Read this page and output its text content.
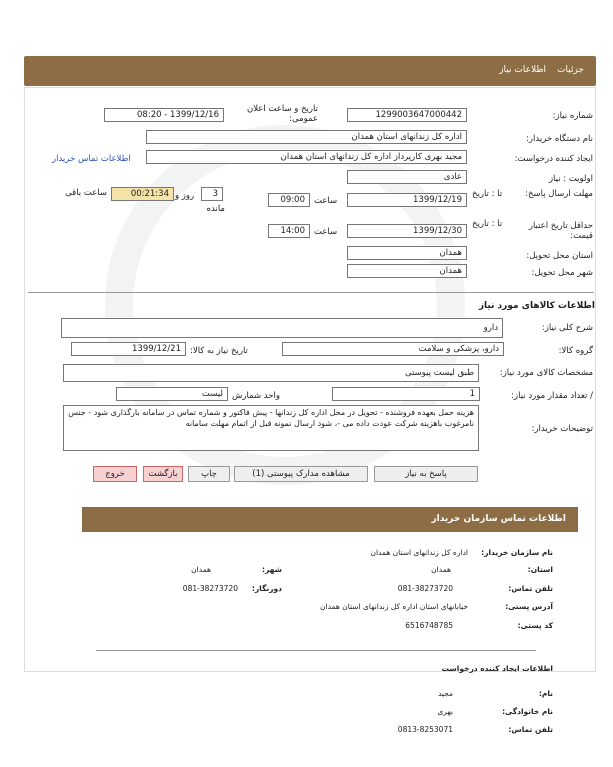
جزئیات
اطلاعات نیاز
شماره نیاز:
1299003647000442
تاریخ و ساعت اعلان عمومی:
1399/12/16 - 08:20
نام دستگاه خریدار:
اداره کل زندانهای استان همدان
ایجاد کننده درخواست:
مجید بهری کارپرداز اداره کل زندانهای استان همدان
اطلاعات تماس خریدار
اولویت : نیاز
عادی
مهلت ارسال پاسخ:
تا : تاریخ
1399/12/19
ساعت
09:00
3
روز و
00:21:34
ساعت باقی
مانده
حداقل تاریخ اعتبار قیمت:
تا : تاریخ
1399/12/30
ساعت
14:00
استان محل تحویل:
همدان
شهر محل تحویل:
همدان
اطلاعات کالاهای مورد نیاز
شرح کلی نیاز:
دارو
گروه کالا:
دارو، پزشکی و سلامت
تاریخ نیاز به کالا:
1399/12/21
مشخصات کالای مورد نیاز:
طبق لیست پیوستی
/ تعداد مقدار مورد نیاز:
1
واحد شمارش
لیست
توضیحات خریدار:
هزینه حمل بعهده فروشنده - تحویل در محل اداره کل زندانها - پیش فاکتور و شماره تماس در سامانه بارگذاری شود - جنس نامرغوب باهزینه شرکت عودت داده می -، شود ارسال نمونه قبل از اتمام مهلت سامانه
پاسخ به نیاز
مشاهده مدارک پیوستی (1)
چاپ
بازگشت
خروج
اطلاعات تماس سازمان خریدار
نام سازمان خریدار:
اداره کل زندانهای استان همدان
استان:
همدان
شهر:
همدان
تلفن تماس:
081-38273720
دورنگار:
081-38273720
آدرس پستی:
خیابانهای استان اداره کل زندانهای استان همدان
کد پستی:
6516748785
اطلاعات ایجاد کننده درخواست
نام:
مجید
نام خانوادگی:
بهری
تلفن تماس:
0813-8253071
